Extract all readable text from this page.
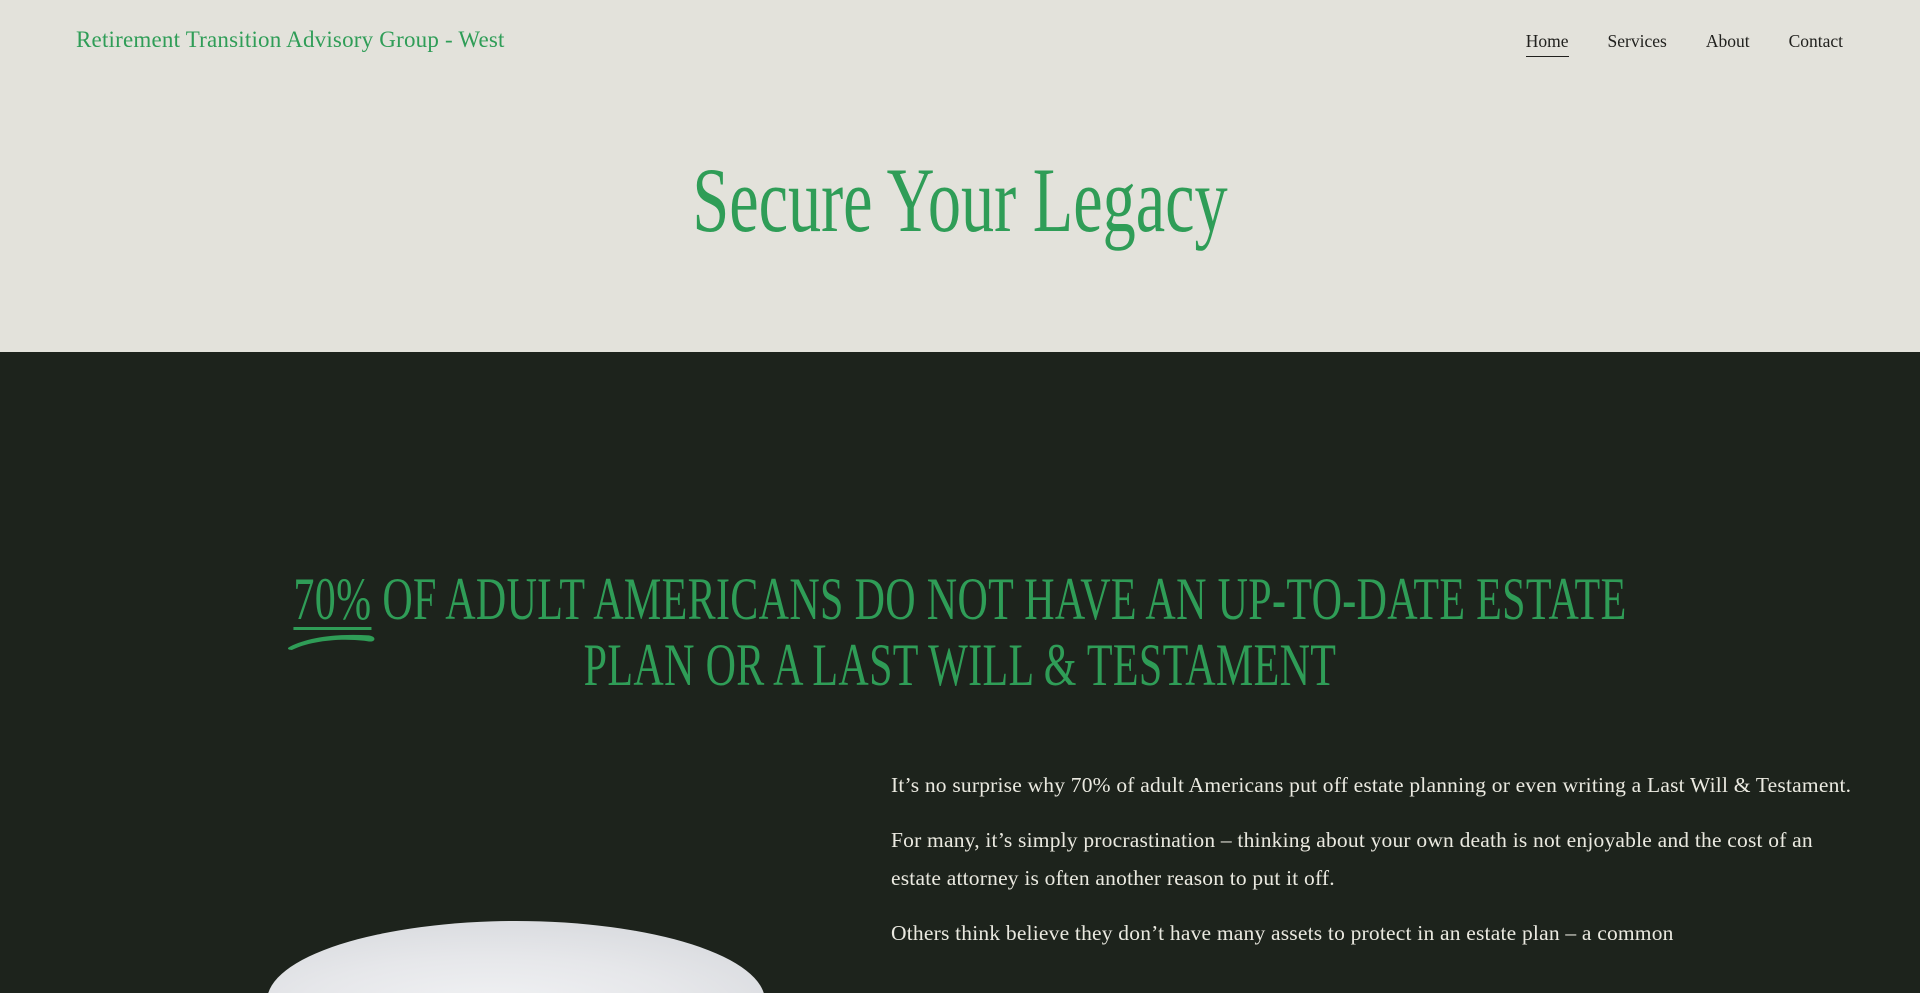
Retirement Transition Advisory Group - West	Home Services About Contact
Secure Your Legacy
70%
OF ADULT AMERICANS DO NOT HAVE AN UP-TO-DATE ESTATE
PLAN OR A LAST WILL & TESTAMENT

It’s no surprise why 70% of adult Americans put off estate planning or even writing a Last Will & Testament.

For many, it’s simply procrastination – thinking about your own death is not enjoyable and the cost of an estate attorney is often another reason to put it off.

Others think believe they don’t have many assets to protect in an estate plan – a common
